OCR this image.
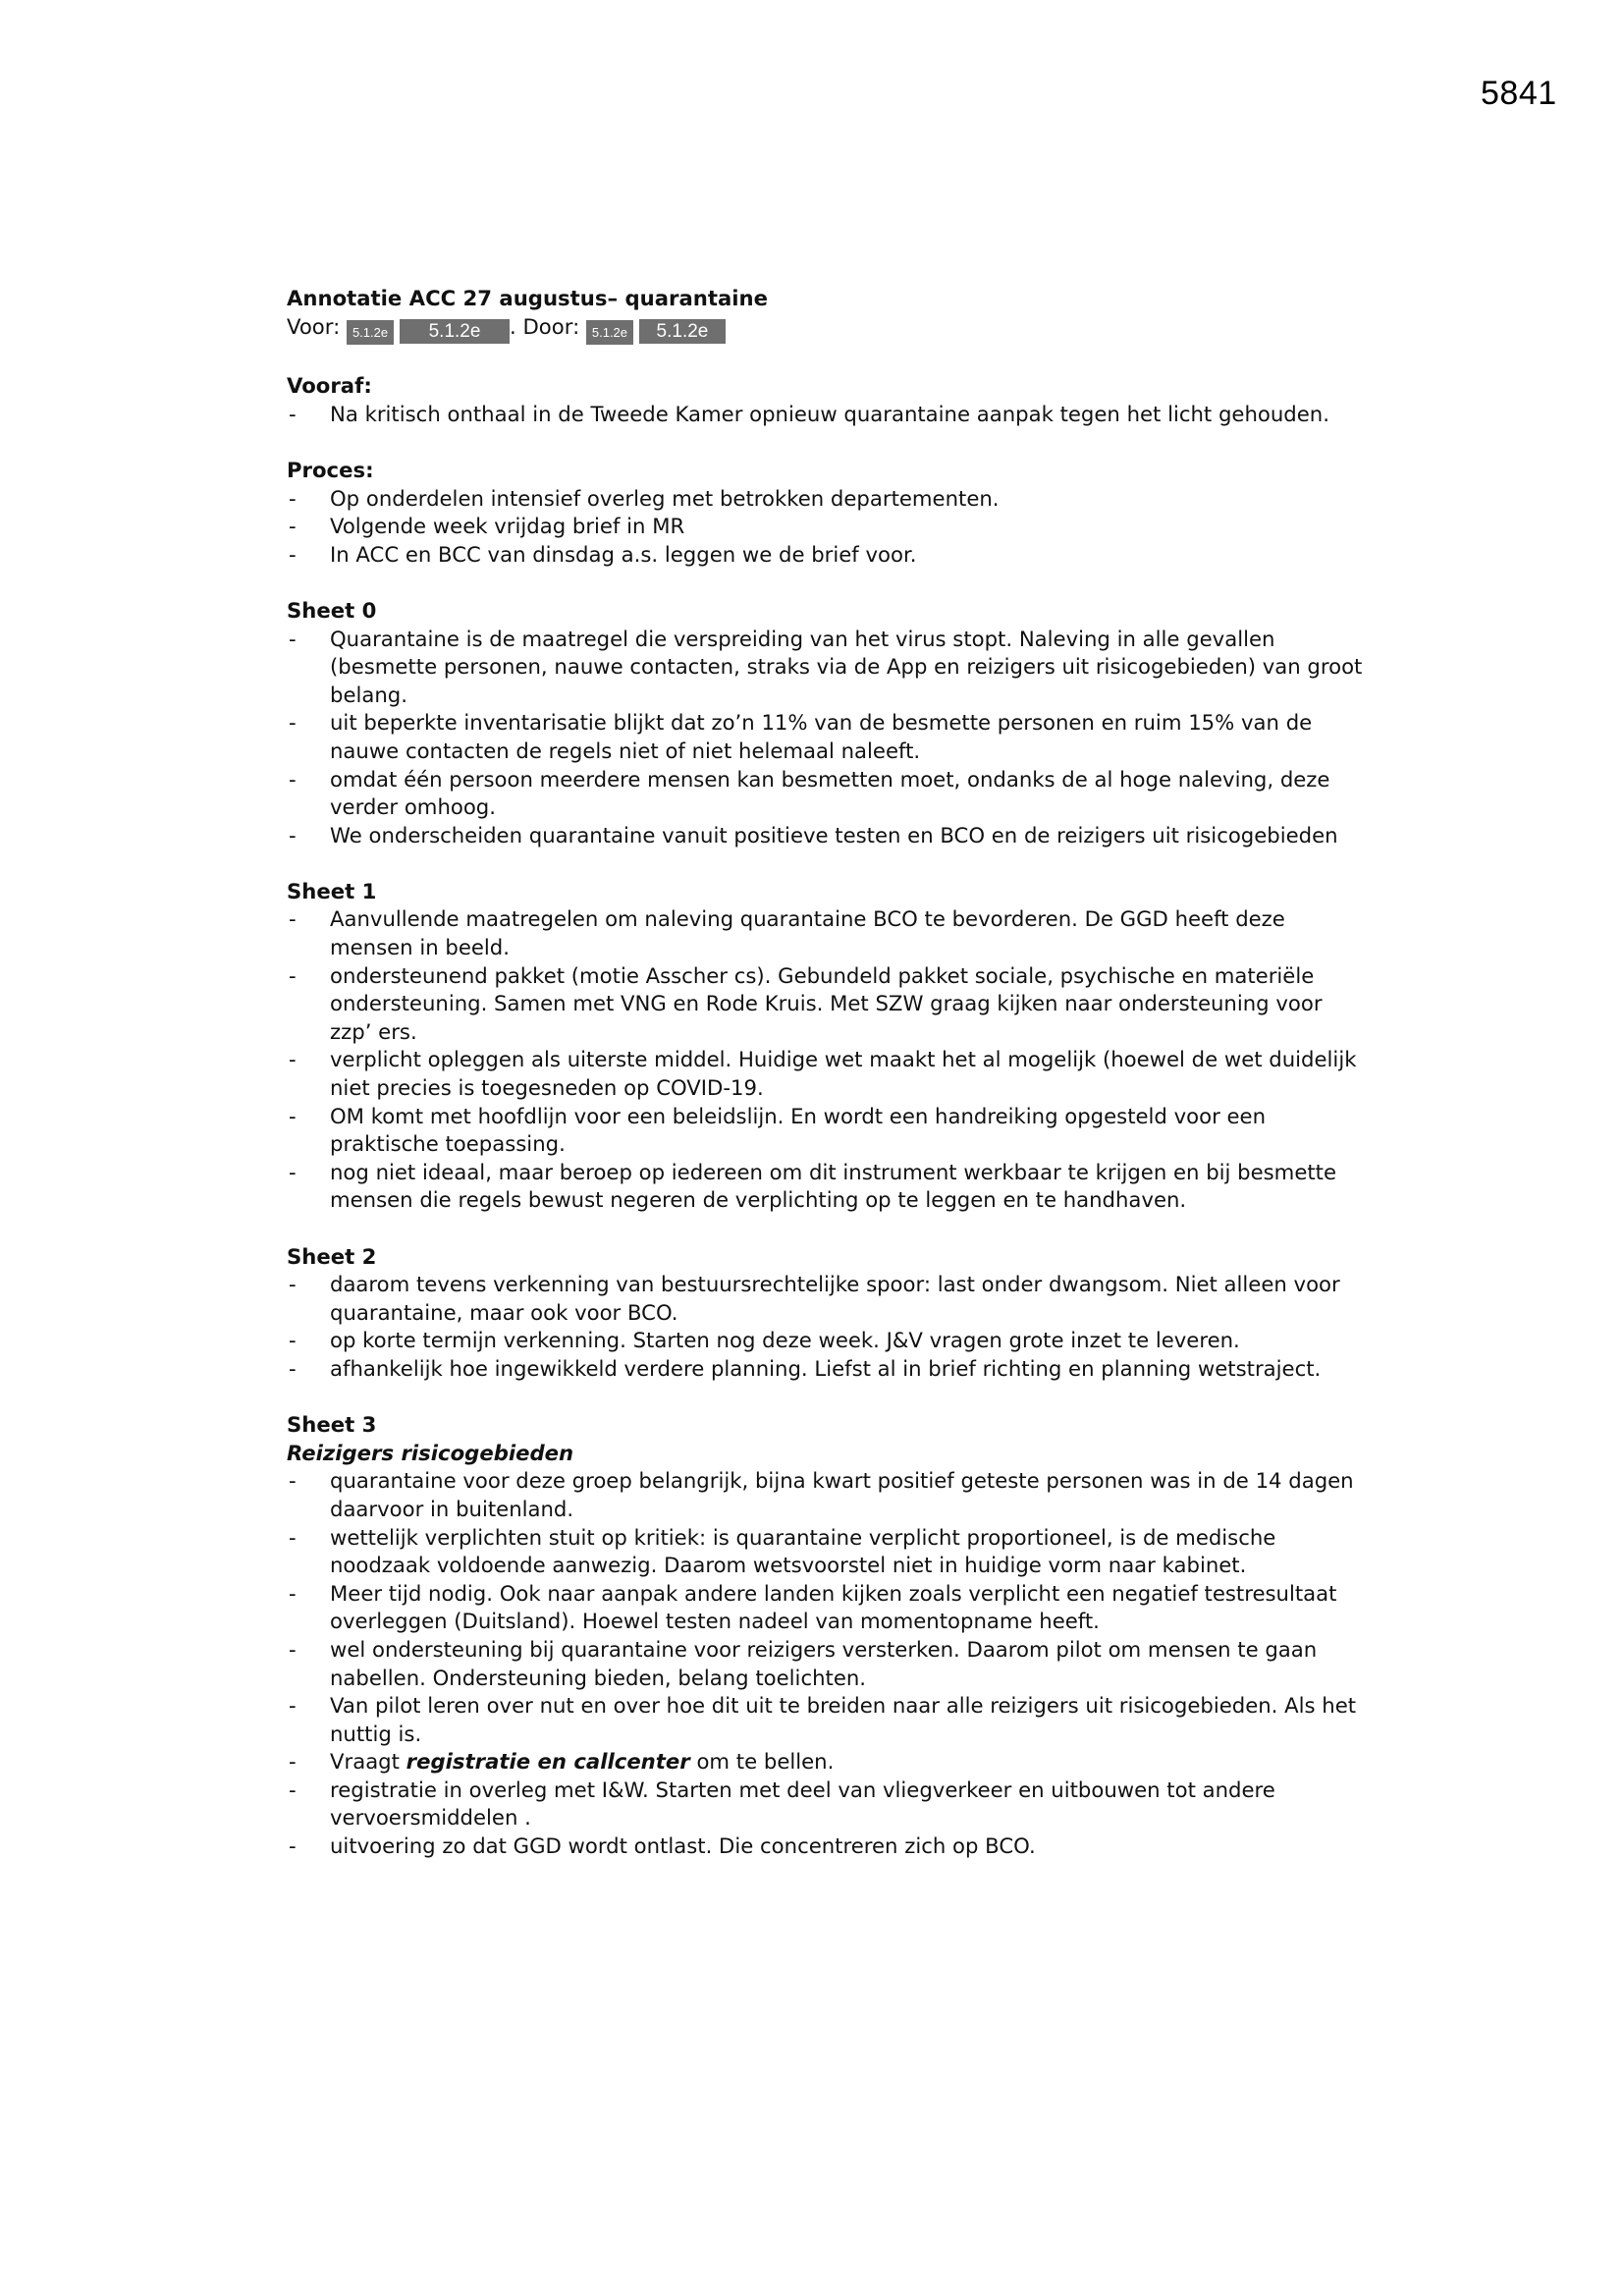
5841

Annotatie ACC 27 augustus– quarantaine

Voor: 5.1.2e 5.1.2e . Door: 5.1.2e 5.1.2e

Vooraf:

- Na kritisch onthaal in de Tweede Kamer opnieuw quarantaine aanpak tegen het licht gehouden.

Proces:

- Op onderdelen intensief overleg met betrokken departementen.
- Volgende week vrijdag brief in MR
- In ACC en BCC van dinsdag a.s. leggen we de brief voor.

Sheet 0

- Quarantaine is de maatregel die verspreiding van het virus stopt. Naleving in alle gevallen (besmette personen, nauwe contacten, straks via de App en reizigers uit risicogebieden) van groot belang.
- uit beperkte inventarisatie blijkt dat zo’n 11% van de besmette personen en ruim 15% van de nauwe contacten de regels niet of niet helemaal naleeft.
- omdat één persoon meerdere mensen kan besmetten moet, ondanks de al hoge naleving, deze verder omhoog.
- We onderscheiden quarantaine vanuit positieve testen en BCO en de reizigers uit risicogebieden

Sheet 1

- Aanvullende maatregelen om naleving quarantaine BCO te bevorderen. De GGD heeft deze mensen in beeld.
- ondersteunend pakket (motie Asscher cs). Gebundeld pakket sociale, psychische en materiële ondersteuning. Samen met VNG en Rode Kruis. Met SZW graag kijken naar ondersteuning voor zzp’ ers.
- verplicht opleggen als uiterste middel. Huidige wet maakt het al mogelijk (hoewel de wet duidelijk niet precies is toegesneden op COVID-19.
- OM komt met hoofdlijn voor een beleidslijn. En wordt een handreiking opgesteld voor een praktische toepassing.
- nog niet ideaal, maar beroep op iedereen om dit instrument werkbaar te krijgen en bij besmette mensen die regels bewust negeren de verplichting op te leggen en te handhaven.

Sheet 2

- daarom tevens verkenning van bestuursrechtelijke spoor: last onder dwangsom. Niet alleen voor quarantaine, maar ook voor BCO.
- op korte termijn verkenning. Starten nog deze week. J&V vragen grote inzet te leveren.
- afhankelijk hoe ingewikkeld verdere planning. Liefst al in brief richting en planning wetstraject.

Sheet 3

Reizigers risicogebieden

- quarantaine voor deze groep belangrijk, bijna kwart positief geteste personen was in de 14 dagen daarvoor in buitenland.
- wettelijk verplichten stuit op kritiek: is quarantaine verplicht proportioneel, is de medische noodzaak voldoende aanwezig. Daarom wetsvoorstel niet in huidige vorm naar kabinet.
- Meer tijd nodig. Ook naar aanpak andere landen kijken zoals verplicht een negatief testresultaat overleggen (Duitsland). Hoewel testen nadeel van momentopname heeft.
- wel ondersteuning bij quarantaine voor reizigers versterken. Daarom pilot om mensen te gaan nabellen. Ondersteuning bieden, belang toelichten.
- Van pilot leren over nut en over hoe dit uit te breiden naar alle reizigers uit risicogebieden. Als het nuttig is.
- Vraagt registratie en callcenter om te bellen.
- registratie in overleg met I&W. Starten met deel van vliegverkeer en uitbouwen tot andere vervoersmiddelen .
- uitvoering zo dat GGD wordt ontlast. Die concentreren zich op BCO.
